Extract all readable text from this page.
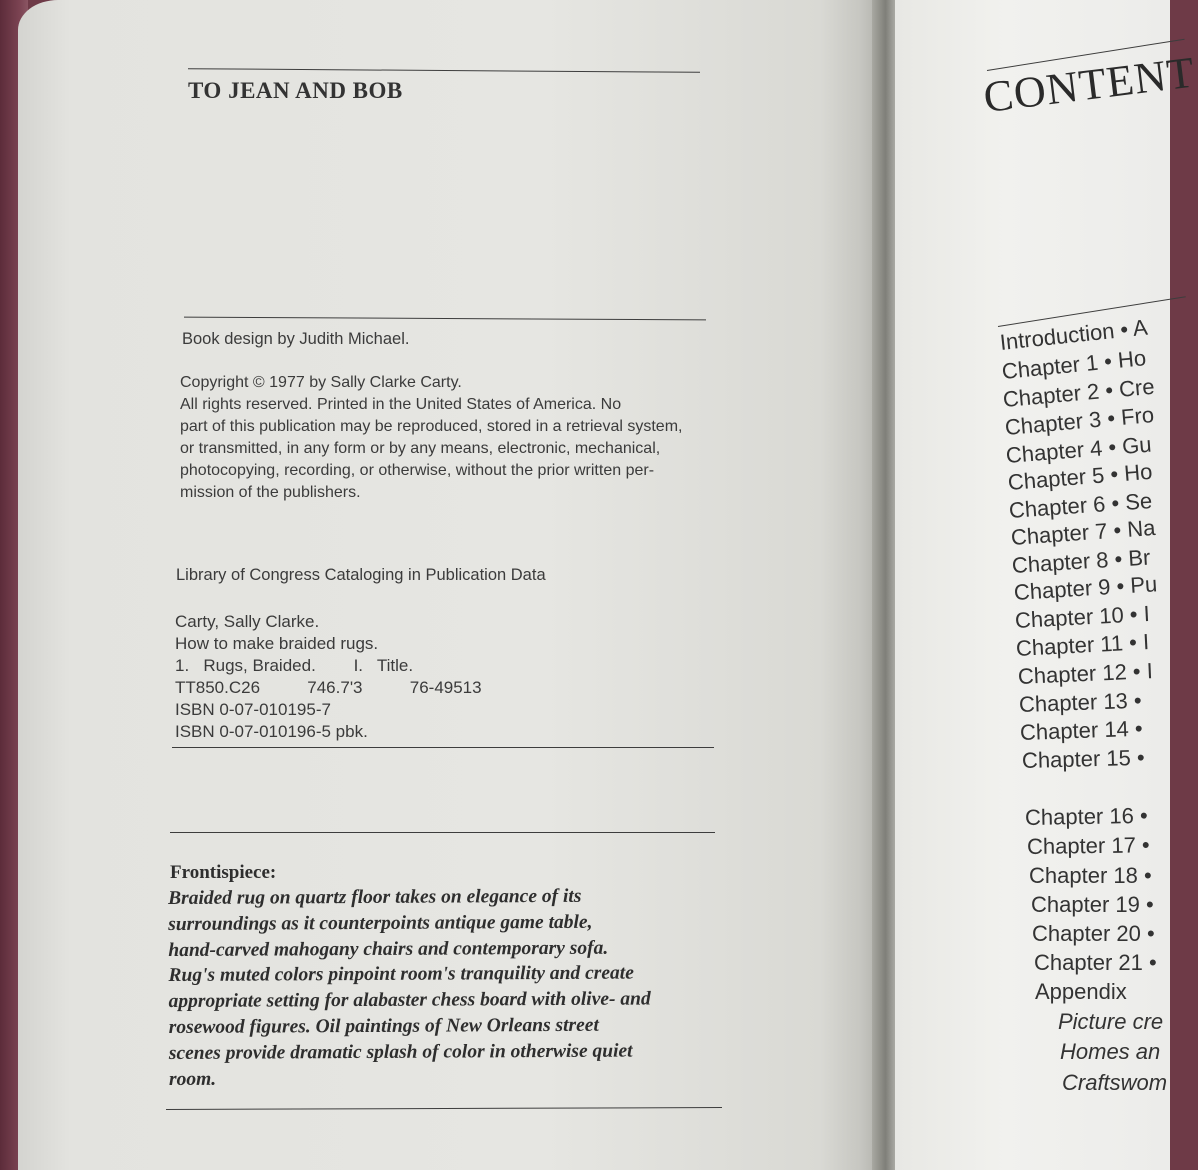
TO JEAN AND BOB
Book design by Judith Michael.
Copyright © 1977 by Sally Clarke Carty.
All rights reserved. Printed in the United States of America. No
part of this publication may be reproduced, stored in a retrieval system,
or transmitted, in any form or by any means, electronic, mechanical,
photocopying, recording, or otherwise, without the prior written per-
mission of the publishers.
Library of Congress Cataloging in Publication Data
Carty, Sally Clarke.
How to make braided rugs.
1.   Rugs, Braided.        I.   Title.
TT850.C26          746.7'3          76-49513
ISBN 0-07-010195-7
ISBN 0-07-010196-5 pbk.
Frontispiece:
Braided rug on quartz floor takes on elegance of its
surroundings as it counterpoints antique game table,
hand-carved mahogany chairs and contemporary sofa.
Rug's muted colors pinpoint room's tranquility and create
appropriate setting for alabaster chess board with olive- and
rosewood figures. Oil paintings of New Orleans street
scenes provide dramatic splash of color in otherwise quiet
room.
CONTENT
Introduction • A
Chapter 1 • Ho
Chapter 2 • Cre
Chapter 3 • Fro
Chapter 4 • Gu
Chapter 5 • Ho
Chapter 6 • Se
Chapter 7 • Na
Chapter 8 • Br
Chapter 9 • Pu
Chapter 10 • I
Chapter 11 • I
Chapter 12 • I
Chapter 13 •
Chapter 14 •
Chapter 15 •
Chapter 16 •
Chapter 17 •
Chapter 18 •
Chapter 19 •
Chapter 20 •
Chapter 21 •
Appendix
Picture cre
Homes an
Craftswom
